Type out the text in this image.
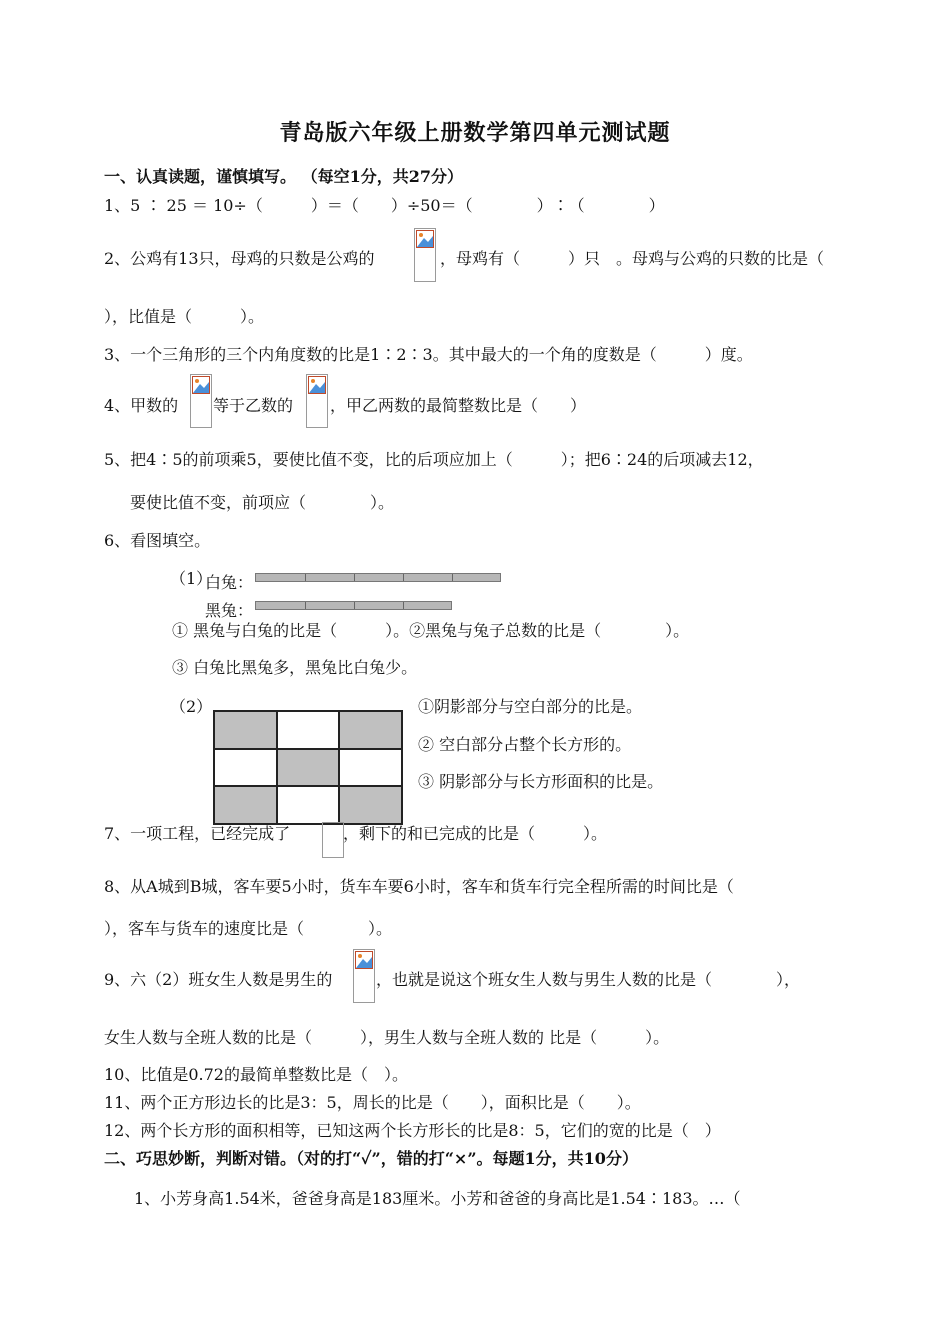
青岛版六年级上册数学第四单元测试题
一、认真读题，谨慎填写。 （每空1分，共27分）
1、5 ∶ 25 ＝ 10÷（　　　）＝（　　）÷50＝（　　　　）∶（　　　　）
2、公鸡有13只，母鸡的只数是公鸡的	，母鸡有（　　　）只　。母鸡与公鸡的只数的比是（
），比值是（　　　）。
3、一个三角形的三个内角度数的比是1∶2∶3。其中最大的一个角的度数是（　　　）度。
4、甲数的 等于乙数的 ，甲乙两数的最简整数比是（　　）
5、把4∶5的前项乘5，要使比值不变，比的后项应加上（　　　）；把6∶24的后项减去12，
要使比值不变，前项应（　　　　）。
6、看图填空。
（1）
白兔：
黑兔：
① 黑兔与白兔的比是（　　　）。②黑兔与兔子总数的比是（　　　　）。
③ 白兔比黑兔多，黑兔比白兔少。
（2）	①阴影部分与空白部分的比是。
② 空白部分占整个长方形的。
③ 阴影部分与长方形面积的比是。
7、一项工程，已经完成了	，剩下的和已完成的比是（　　　）。
8、从A城到B城，客车要5小时，货车车要6小时，客车和货车行完全程所需的时间比是（
），客车与货车的速度比是（　　　　）。
9、六（2）班女生人数是男生的	，也就是说这个班女生人数与男生人数的比是（　　　　），
女生人数与全班人数的比是（　　　），男生人数与全班人数的 比是（　　　）。
10、比值是0.72的最简单整数比是（　）。
11、两个正方形边长的比是3：5，周长的比是（　　），面积比是（　　）。
12、两个长方形的面积相等，已知这两个长方形长的比是8：5，它们的宽的比是（　）
二、巧思妙断，判断对错。（对的打“✓”，错的打“×”。每题1分，共10分）
1、小芳身高1.54米，爸爸身高是183厘米。小芳和爸爸的身高比是1.54∶183。…（
